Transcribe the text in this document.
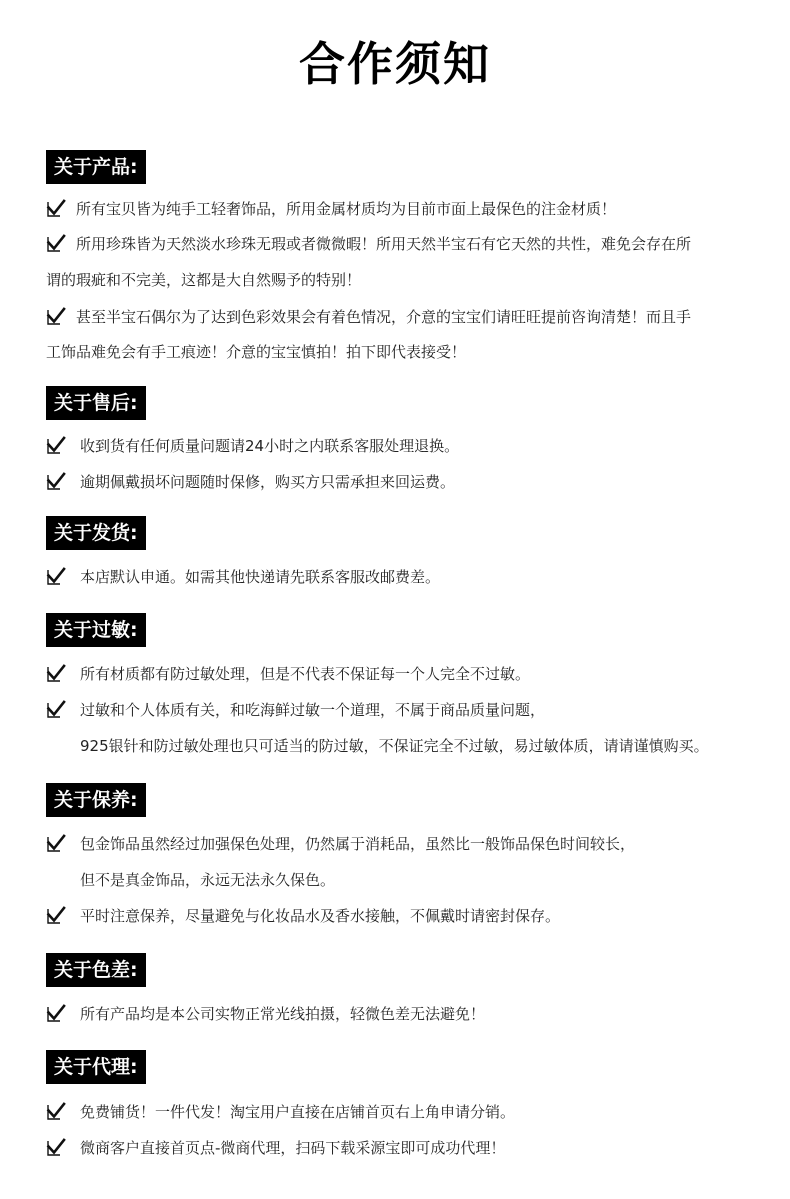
合作须知
关于产品:
所有宝贝皆为纯手工轻奢饰品，所用金属材质均为目前市面上最保色的注金材质！
所用珍珠皆为天然淡水珍珠无瑕或者微微暇！所用天然半宝石有它天然的共性，难免会存在所
谓的瑕疵和不完美，这都是大自然赐予的特别！
甚至半宝石偶尔为了达到色彩效果会有着色情况，介意的宝宝们请旺旺提前咨询清楚！而且手
工饰品难免会有手工痕迹！介意的宝宝慎拍！拍下即代表接受！
关于售后:
收到货有任何质量问题请24小时之内联系客服处理退换。
逾期佩戴损坏问题随时保修，购买方只需承担来回运费。
关于发货:
本店默认申通。如需其他快递请先联系客服改邮费差。
关于过敏:
所有材质都有防过敏处理，但是不代表不保证每一个人完全不过敏。
过敏和个人体质有关，和吃海鲜过敏一个道理，不属于商品质量问题，
925银针和防过敏处理也只可适当的防过敏，不保证完全不过敏，易过敏体质，请请谨慎购买。
关于保养:
包金饰品虽然经过加强保色处理，仍然属于消耗品，虽然比一般饰品保色时间较长，
但不是真金饰品，永远无法永久保色。
平时注意保养，尽量避免与化妆品水及香水接触，不佩戴时请密封保存。
关于色差:
所有产品均是本公司实物正常光线拍摄，轻微色差无法避免！
关于代理:
免费铺货！一件代发！淘宝用户直接在店铺首页右上角申请分销。
微商客户直接首页点-微商代理，扫码下载采源宝即可成功代理！
